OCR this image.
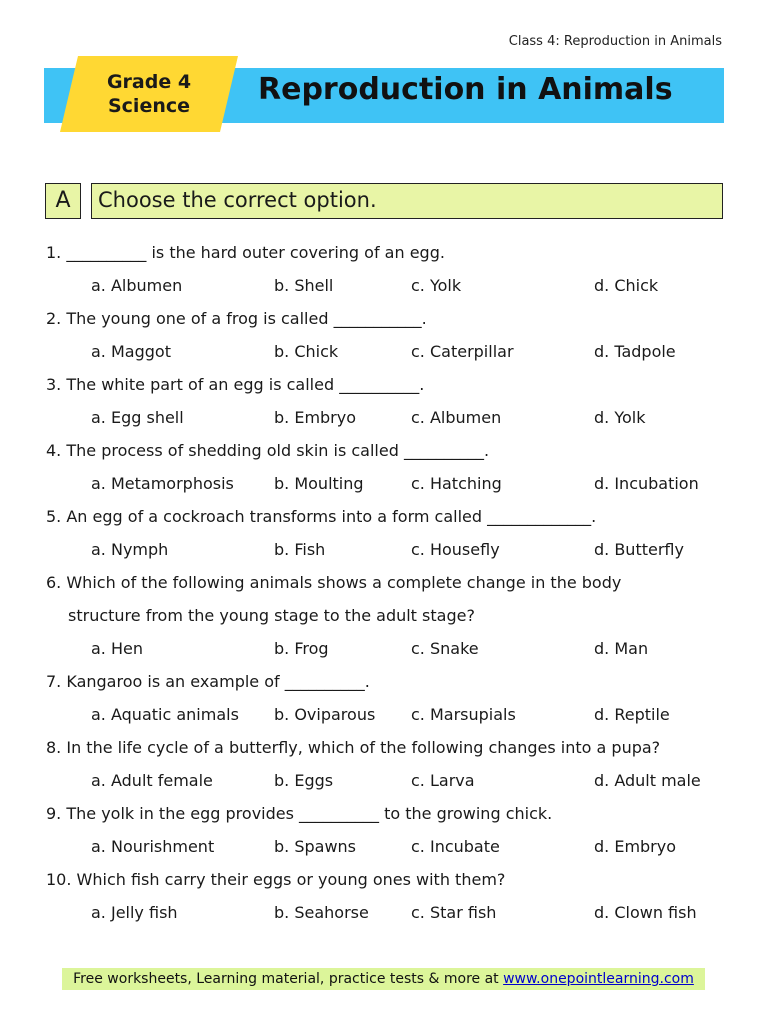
Class 4: Reproduction in Animals
Grade 4
Science	Reproduction in Animals
A	Choose the correct option.
1. __________ is the hard outer covering of an egg.
a. Albumen	b. Shell	c. Yolk	d. Chick
2. The young one of a frog is called ___________.
a. Maggot	b. Chick	c. Caterpillar	d. Tadpole
3. The white part of an egg is called __________.
a. Egg shell	b. Embryo	c. Albumen	d. Yolk
4. The process of shedding old skin is called __________.
a. Metamorphosis	b. Moulting	c. Hatching	d. Incubation
5. An egg of a cockroach transforms into a form called _____________.
a. Nymph	b. Fish	c. Housefly	d. Butterfly
6. Which of the following animals shows a complete change in the body
structure from the young stage to the adult stage?
a. Hen	b. Frog	c. Snake	d. Man
7. Kangaroo is an example of __________.
a. Aquatic animals b. Oviparous c. Marsupials	d. Reptile
8. In the life cycle of a butterfly, which of the following changes into a pupa?
a. Adult female	b. Eggs	c. Larva	d. Adult male
9. The yolk in the egg provides __________ to the growing chick.
a. Nourishment	b. Spawns	c. Incubate	d. Embryo
10. Which fish carry their eggs or young ones with them?
a. Jelly fish	b. Seahorse	c. Star fish	d. Clown fish
Free worksheets, Learning material, practice tests & more at www.onepointlearning.com
